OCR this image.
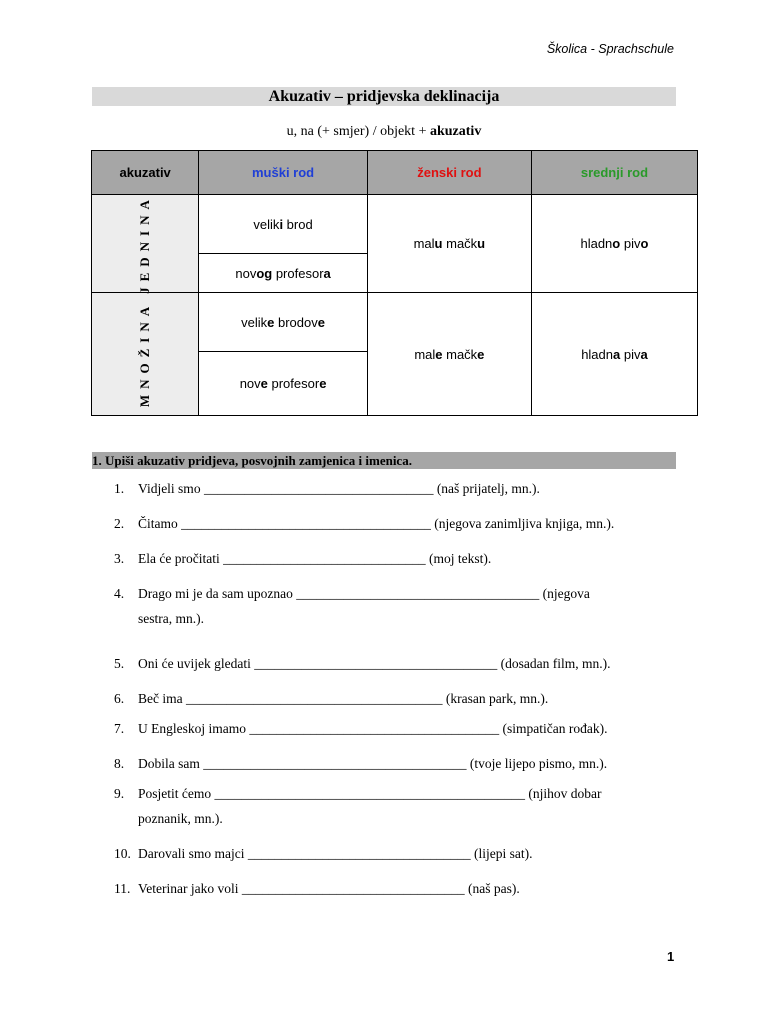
Školica - Sprachschule
Akuzativ – pridjevska deklinacija
u, na (+ smjer) / objekt + akuzativ
akuzativ	muški rod	ženski rod	srednji rod
JEDNINA	veliki brod	malu mačku	hladno pivo
	novog profesora		
MNOŽINA	velike brodove	male mačke	hladna piva
	nove profesore		
1. Upiši akuzativ pridjeva, posvojnih zamjenica i imenica.
1. Vidjeli smo __________________________________ (naš prijatelj, mn.).
2. Čitamo _____________________________________ (njegova zanimljiva knjiga, mn.).
3. Ela će pročitati ______________________________ (moj tekst).
4. Drago mi je da sam upoznao ____________________________________ (njegova
sestra, mn.).
5. Oni će uvijek gledati ____________________________________ (dosadan film, mn.).
6. Beč ima ______________________________________ (krasan park, mn.).
7. U Engleskoj imamo _____________________________________ (simpatičan rođak).
8. Dobila sam _______________________________________ (tvoje lijepo pismo, mn.).
9. Posjetit ćemo ______________________________________________ (njihov dobar
poznanik, mn.).
10. Darovali smo majci _________________________________ (lijepi sat).
11. Veterinar jako voli _________________________________ (naš pas).
1
